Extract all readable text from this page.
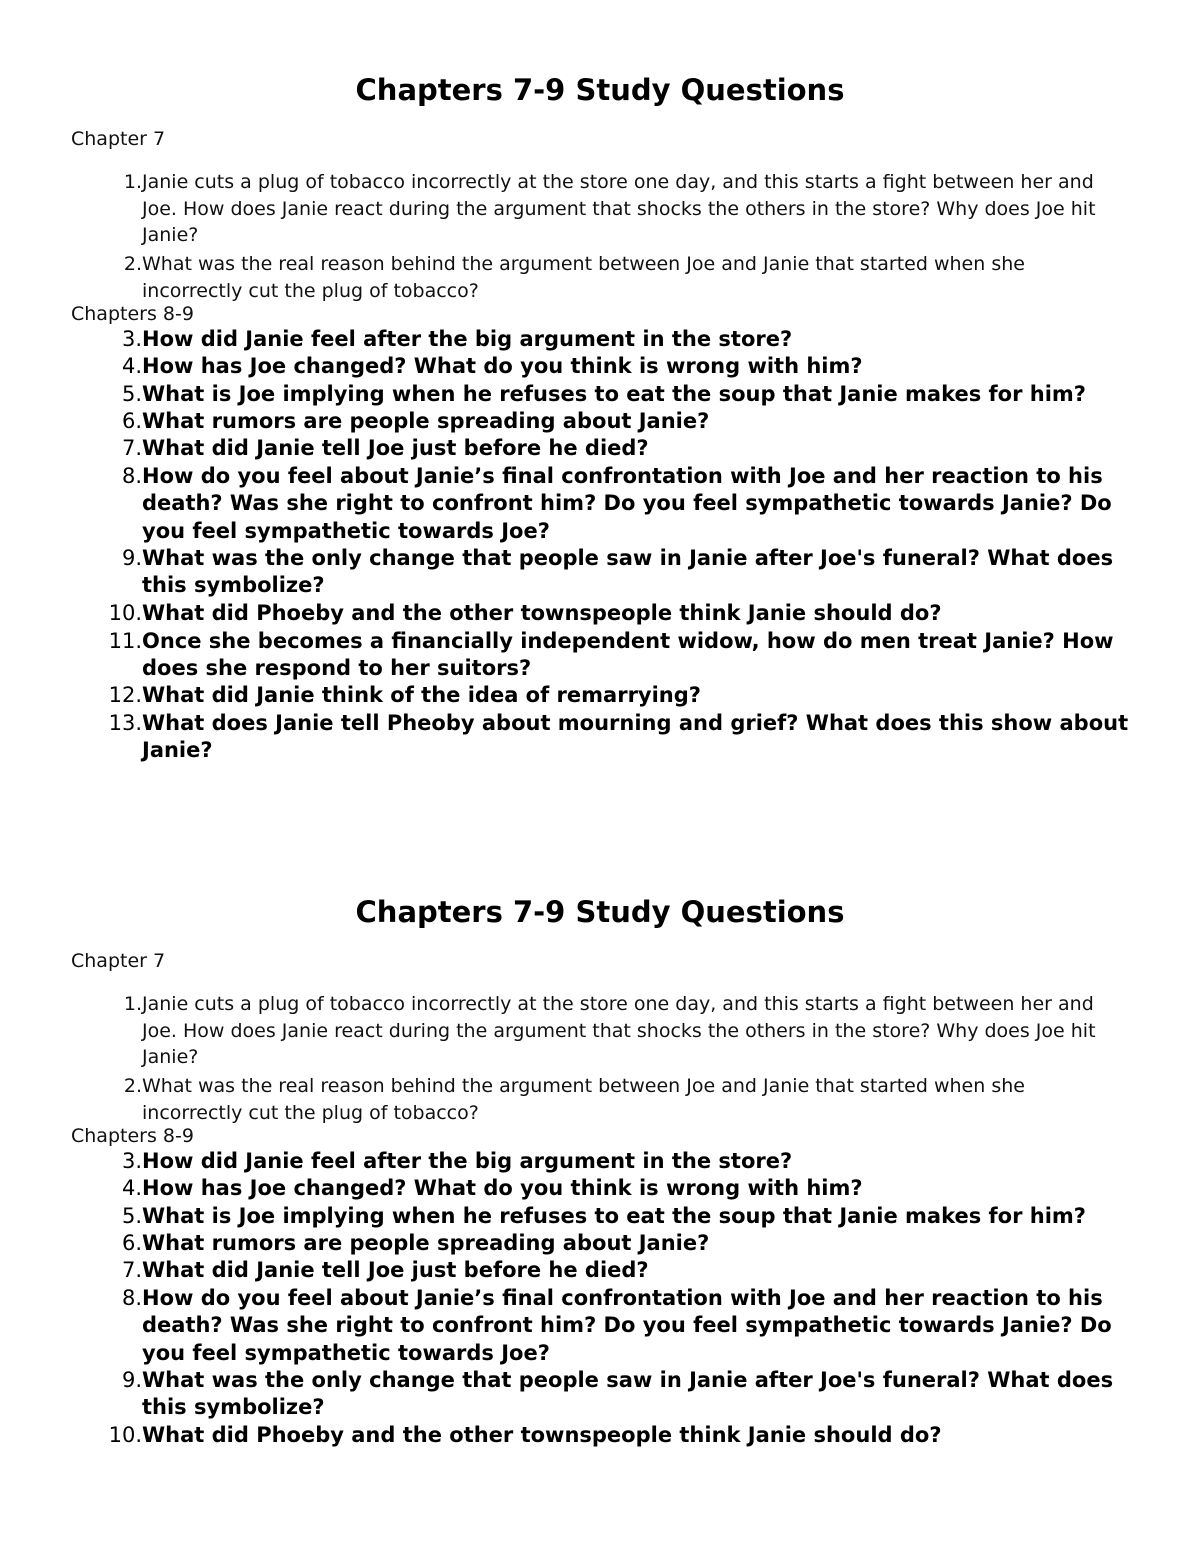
Chapters 7-9 Study Questions
Chapter 7
1. Janie cuts a plug of tobacco incorrectly at the store one day, and this starts a fight between her and Joe. How does Janie react during the argument that shocks the others in the store? Why does Joe hit Janie?
2. What was the real reason behind the argument between Joe and Janie that started when she incorrectly cut the plug of tobacco?
Chapters 8-9
3. How did Janie feel after the big argument in the store?
4. How has Joe changed? What do you think is wrong with him?
5. What is Joe implying when he refuses to eat the soup that Janie makes for him?
6. What rumors are people spreading about Janie?
7. What did Janie tell Joe just before he died?
8. How do you feel about Janie’s final confrontation with Joe and her reaction to his death? Was she right to confront him? Do you feel sympathetic towards Janie? Do you feel sympathetic towards Joe?
9. What was the only change that people saw in Janie after Joe's funeral? What does this symbolize?
10. What did Phoeby and the other townspeople think Janie should do?
11. Once she becomes a financially independent widow, how do men treat Janie? How does she respond to her suitors?
12. What did Janie think of the idea of remarrying?
13. What does Janie tell Pheoby about mourning and grief? What does this show about Janie?
Chapters 7-9 Study Questions
Chapter 7
1. Janie cuts a plug of tobacco incorrectly at the store one day, and this starts a fight between her and Joe. How does Janie react during the argument that shocks the others in the store? Why does Joe hit Janie?
2. What was the real reason behind the argument between Joe and Janie that started when she incorrectly cut the plug of tobacco?
Chapters 8-9
3. How did Janie feel after the big argument in the store?
4. How has Joe changed? What do you think is wrong with him?
5. What is Joe implying when he refuses to eat the soup that Janie makes for him?
6. What rumors are people spreading about Janie?
7. What did Janie tell Joe just before he died?
8. How do you feel about Janie’s final confrontation with Joe and her reaction to his death? Was she right to confront him? Do you feel sympathetic towards Janie? Do you feel sympathetic towards Joe?
9. What was the only change that people saw in Janie after Joe's funeral? What does this symbolize?
10. What did Phoeby and the other townspeople think Janie should do?
